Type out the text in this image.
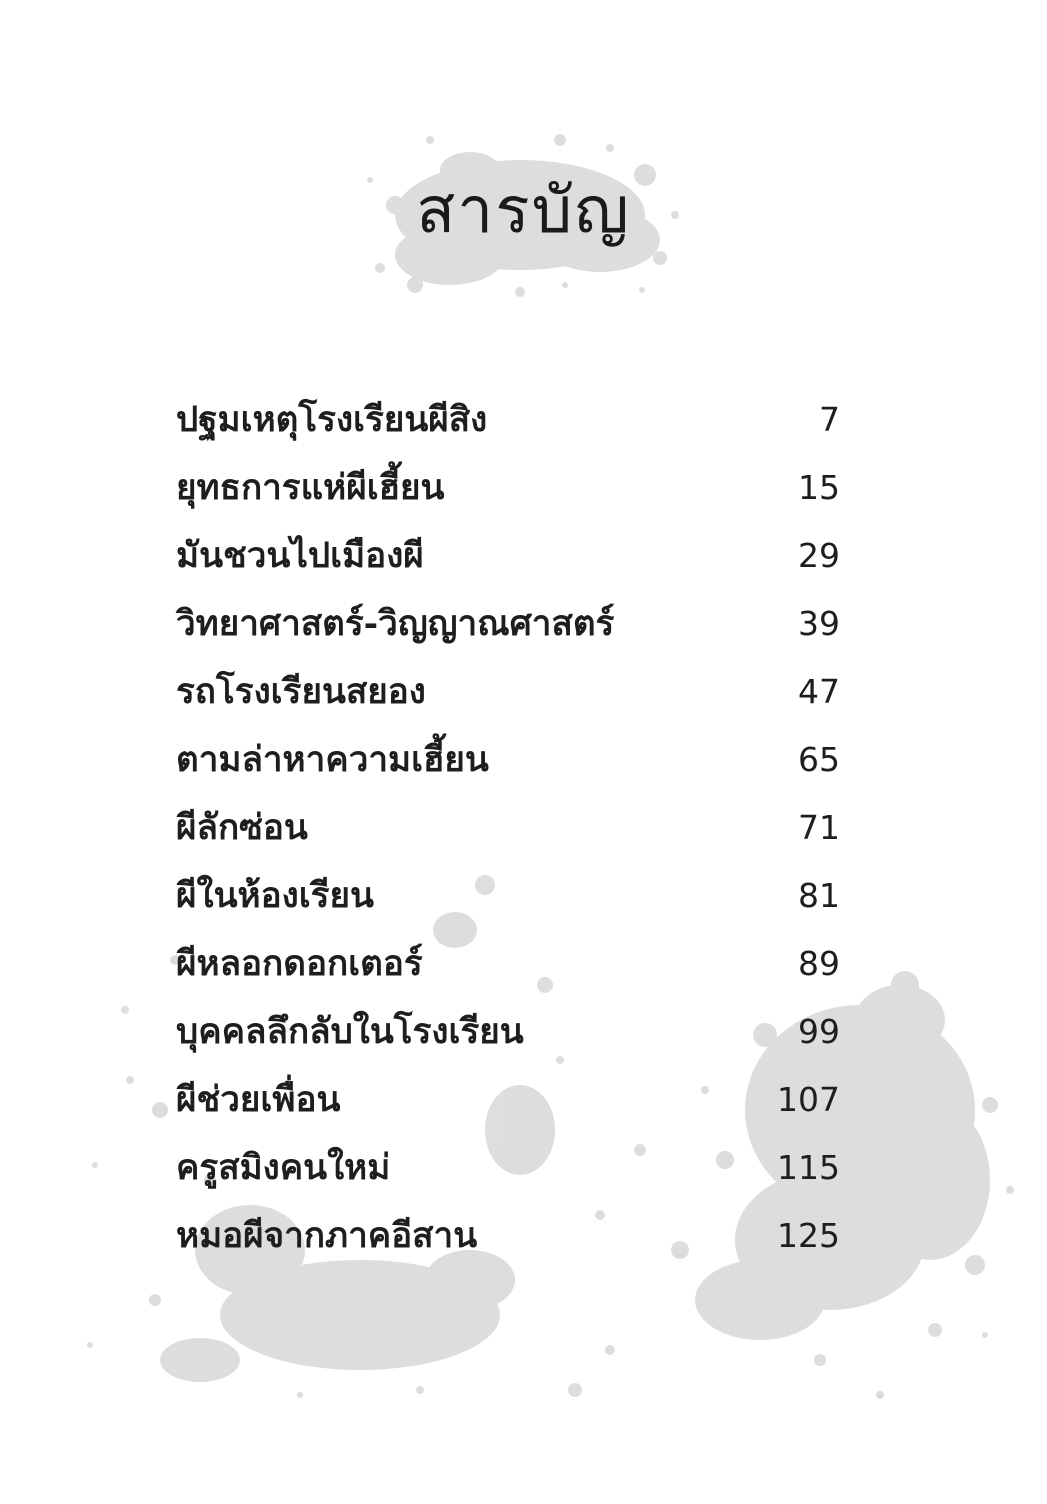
สารบัญ
ปฐมเหตุโรงเรียนผีสิง	7
ยุทธการแห่ผีเฮี้ยน	15
มันชวนไปเมืองผี	29
วิทยาศาสตร์-วิญญาณศาสตร์	39
รถโรงเรียนสยอง	47
ตามล่าหาความเฮี้ยน	65
ผีลักซ่อน	71
ผีในห้องเรียน	81
ผีหลอกดอกเตอร์	89
บุคคลลึกลับในโรงเรียน	99
ผีช่วยเพื่อน	107
ครูสมิงคนใหม่	115
หมอผีจากภาคอีสาน	125
